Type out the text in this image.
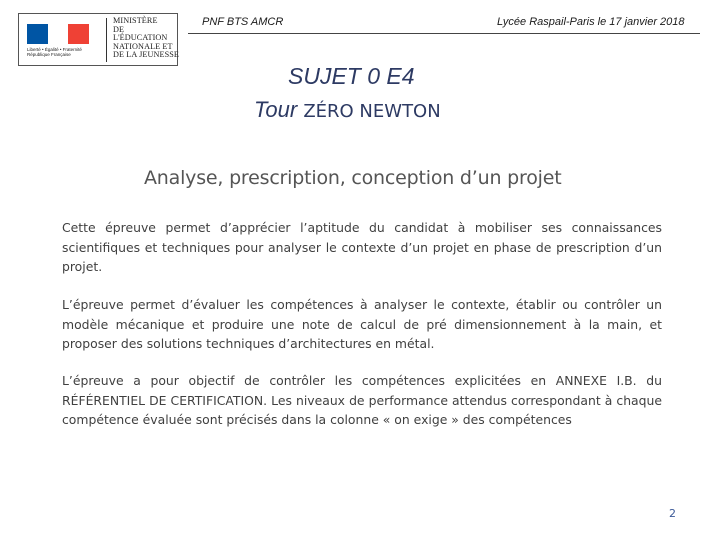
Liberté • Égalité • Fraternité
République Française
MINISTÈRE
DE L'ÉDUCATION
NATIONALE ET
DE LA JEUNESSE
PNF BTS AMCR	Lycée Raspail-Paris le 17 janvier 2018
SUJET 0 E4
Tour ZÉRO NEWTON
Analyse, prescription, conception d’un projet

Cette épreuve permet d’apprécier l’aptitude du candidat à mobiliser ses connaissances scientifiques et techniques pour analyser le contexte d’un projet en phase de prescription d’un projet.

L’épreuve permet d’évaluer les compétences à analyser le contexte, établir ou contrôler un modèle mécanique et produire une note de calcul de pré dimensionnement à la main, et proposer des solutions techniques d’architectures en métal.

L’épreuve a pour objectif de contrôler les compétences explicitées en ANNEXE I.B. du RÉFÉRENTIEL DE CERTIFICATION. Les niveaux de performance attendus correspondant à chaque compétence évaluée sont précisés dans la colonne « on exige » des compétences

2
